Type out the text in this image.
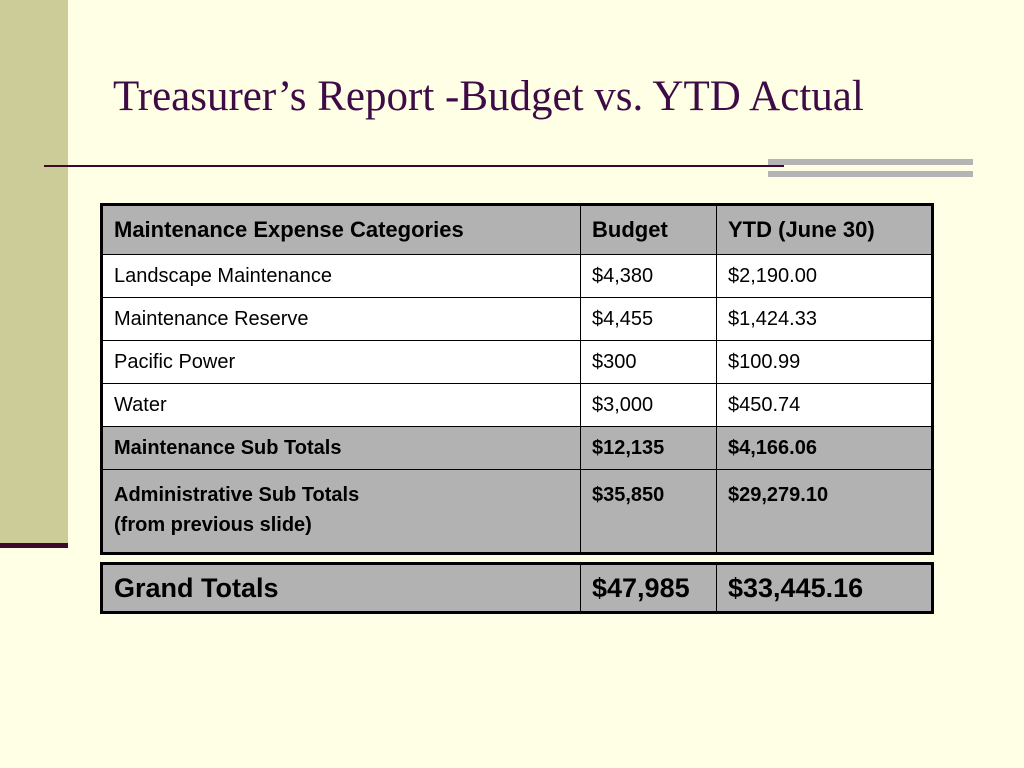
Treasurer’s Report -Budget vs. YTD Actual
Maintenance Expense Categories	Budget	YTD (June 30)
Landscape Maintenance	$4,380	$2,190.00
Maintenance Reserve	$4,455	$1,424.33
Pacific Power	$300	$100.99
Water	$3,000	$450.74
Maintenance Sub Totals	$12,135	$4,166.06

Administrative Sub Totals
(from previous slide)	$35,850	$29,279.10
Grand Totals	$47,985	$33,445.16
